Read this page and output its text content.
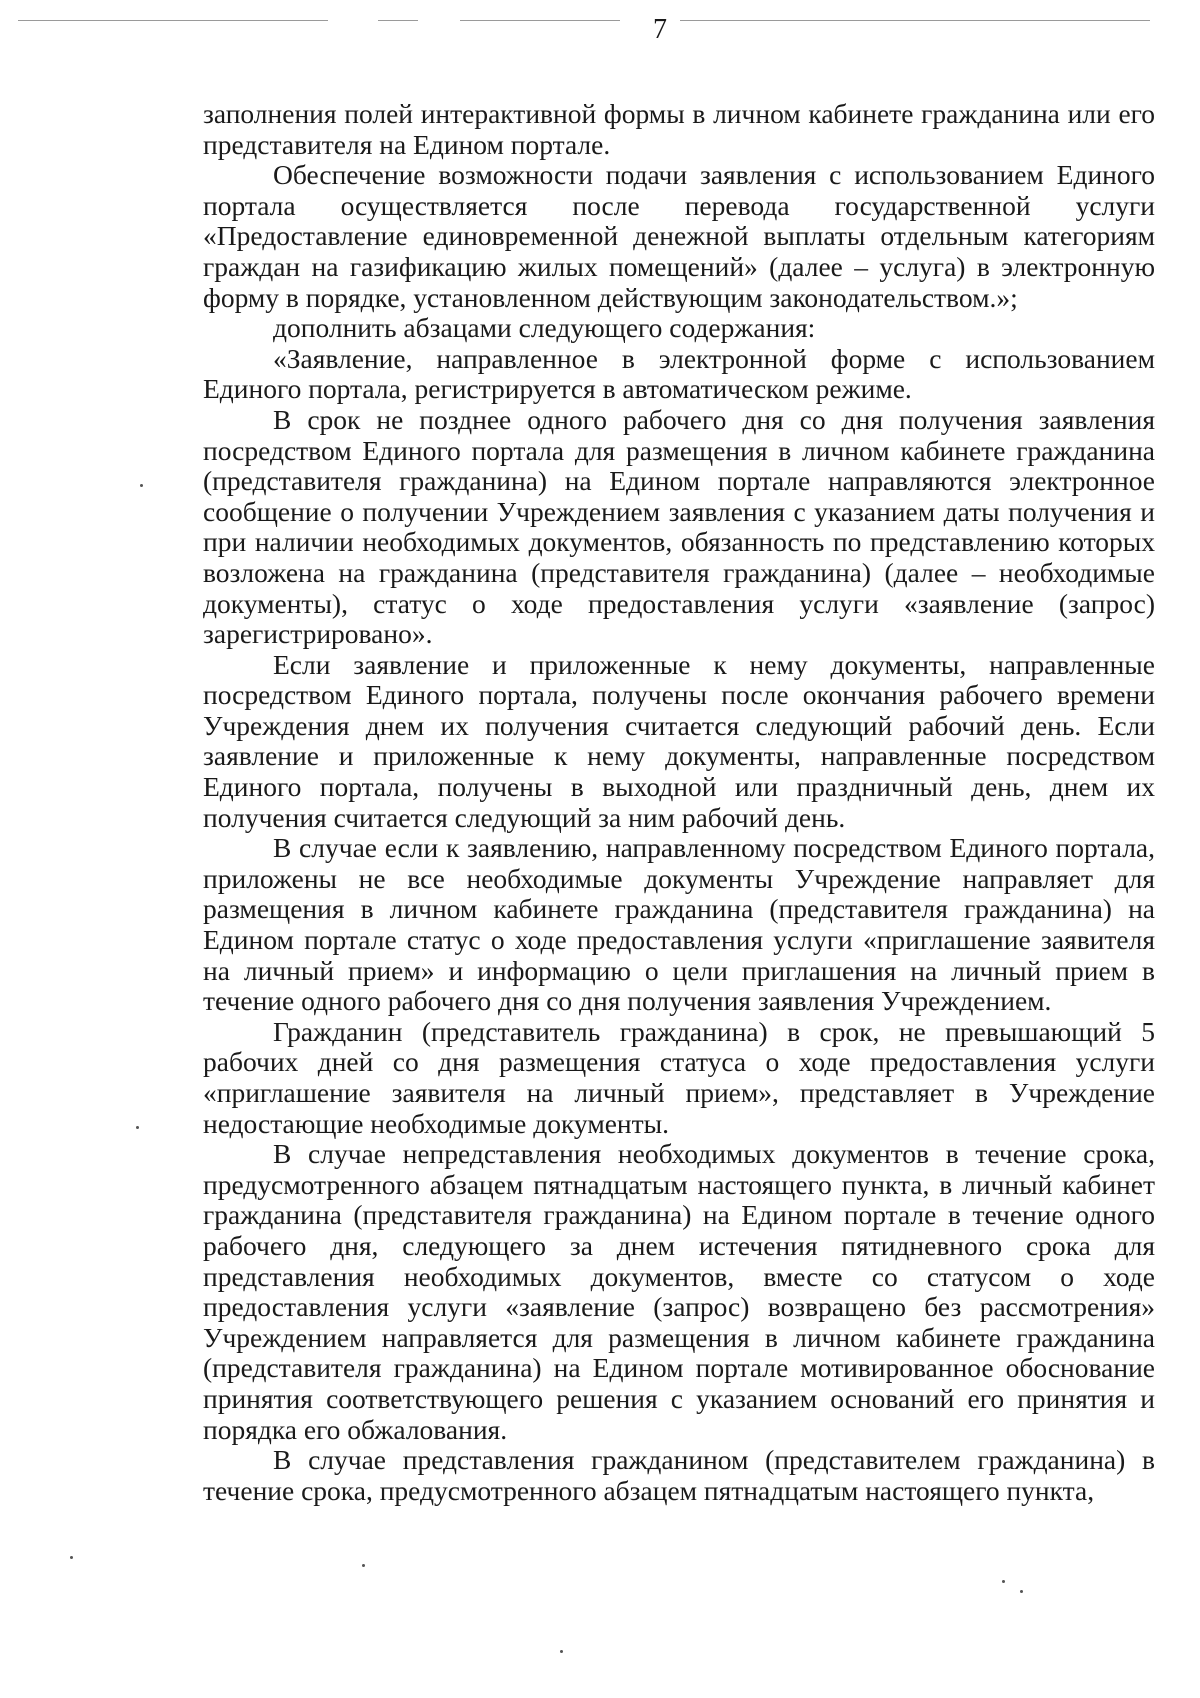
7

заполнения полей интерактивной формы в личном кабинете гражданина или его представителя на Едином портале.

Обеспечение возможности подачи заявления с использованием Единого портала осуществляется после перевода государственной услуги «Предоставление единовременной денежной выплаты отдельным категориям граждан на газификацию жилых помещений» (далее – услуга) в электронную форму в порядке, установленном действующим законодательством.»;

дополнить абзацами следующего содержания:

«Заявление, направленное в электронной форме с использованием Единого портала, регистрируется в автоматическом режиме.

В срок не позднее одного рабочего дня со дня получения заявления посредством Единого портала для размещения в личном кабинете гражданина (представителя гражданина) на Едином портале направляются электронное сообщение о получении Учреждением заявления с указанием даты получения и при наличии необходимых документов, обязанность по представлению которых возложена на гражданина (представителя гражданина) (далее – необходимые документы), статус о ходе предоставления услуги «заявление (запрос) зарегистрировано».

Если заявление и приложенные к нему документы, направленные посредством Единого портала, получены после окончания рабочего времени Учреждения днем их получения считается следующий рабочий день. Если заявление и приложенные к нему документы, направленные посредством Единого портала, получены в выходной или праздничный день, днем их получения считается следующий за ним рабочий день.

В случае если к заявлению, направленному посредством Единого портала, приложены не все необходимые документы Учреждение направляет для размещения в личном кабинете гражданина (представителя гражданина) на Едином портале статус о ходе предоставления услуги «приглашение заявителя на личный прием» и информацию о цели приглашения на личный прием в течение одного рабочего дня со дня получения заявления Учреждением.

Гражданин (представитель гражданина) в срок, не превышающий 5 рабочих дней со дня размещения статуса о ходе предоставления услуги «приглашение заявителя на личный прием», представляет в Учреждение недостающие необходимые документы.

В случае непредставления необходимых документов в течение срока, предусмотренного абзацем пятнадцатым настоящего пункта, в личный кабинет гражданина (представителя гражданина) на Едином портале в течение одного рабочего дня, следующего за днем истечения пятидневного срока для представления необходимых документов, вместе со статусом о ходе предоставления услуги «заявление (запрос) возвращено без рассмотрения» Учреждением направляется для размещения в личном кабинете гражданина (представителя гражданина) на Едином портале мотивированное обоснование принятия соответствующего решения с указанием оснований его принятия и порядка его обжалования.

В случае представления гражданином (представителем гражданина) в течение срока, предусмотренного абзацем пятнадцатым настоящего пункта,
